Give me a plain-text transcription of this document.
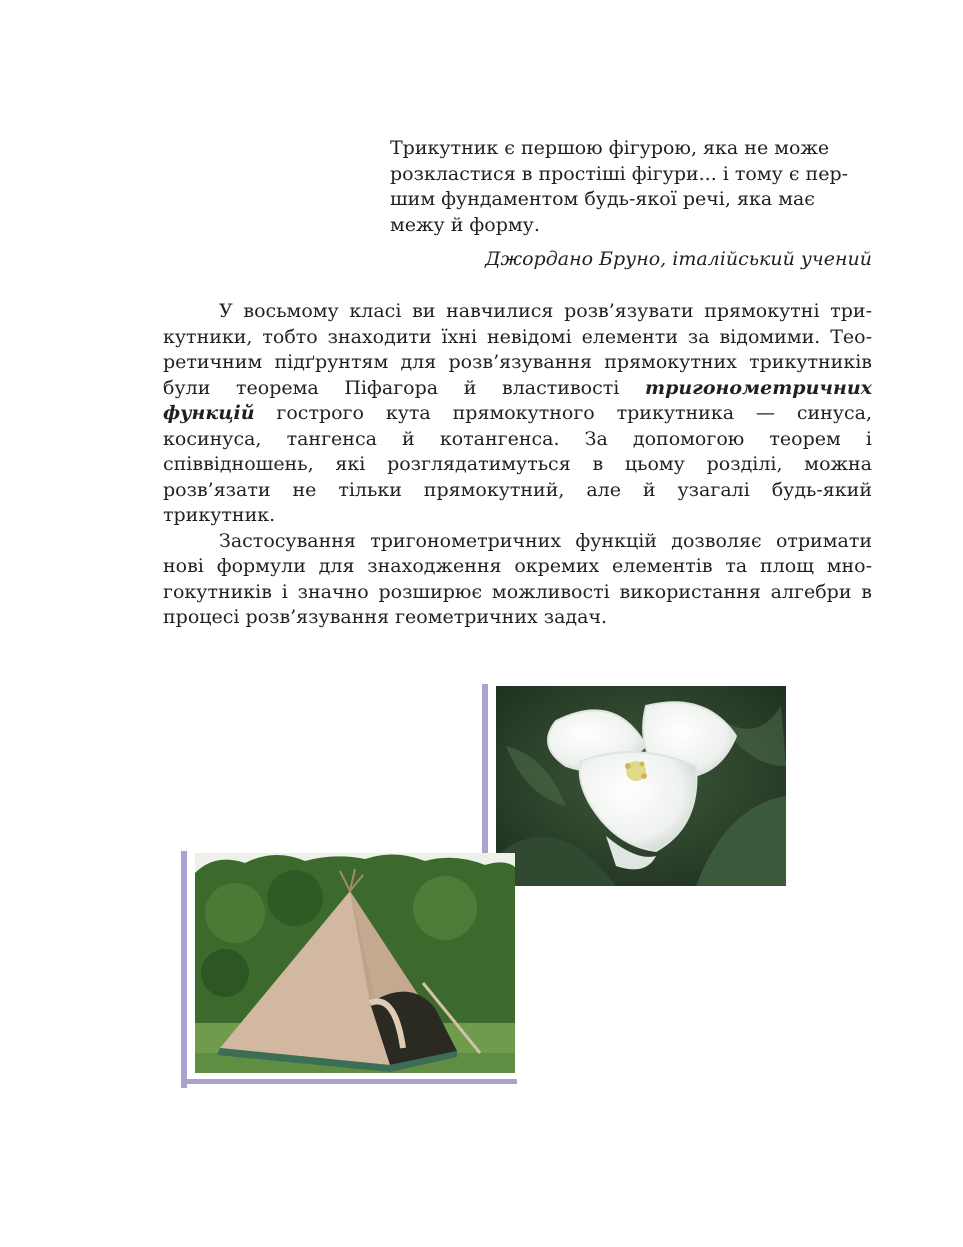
Трикутник є першою фігурою, яка не може
розкластися в простіші фігури... і тому є пер-
шим фундаментом будь-якої речі, яка має
межу й форму.

Джордано Бруно, італійський учений

У восьмому класі ви навчилися розв’язувати прямокутні трикутники, тобто знаходити їхні невідомі елементи за відомими. Теоретичним підґрунтям для розв’язування прямокутних трикутників були теорема Піфагора й властивості тригонометричних функцій гострого кута прямокутного трикутника — синуса, косинуса, тангенса й котангенса. За допомогою теорем і співвідношень, які розглядатимуться в цьому розділі, можна розв’язати не тільки прямокутний, але й узагалі будь-який трикутник.

Застосування тригонометричних функцій дозволяє отримати нові формули для знаходження окремих елементів та площ многокутників і значно розширює можливості використання алгебри в процесі розв’язування геометричних задач.
